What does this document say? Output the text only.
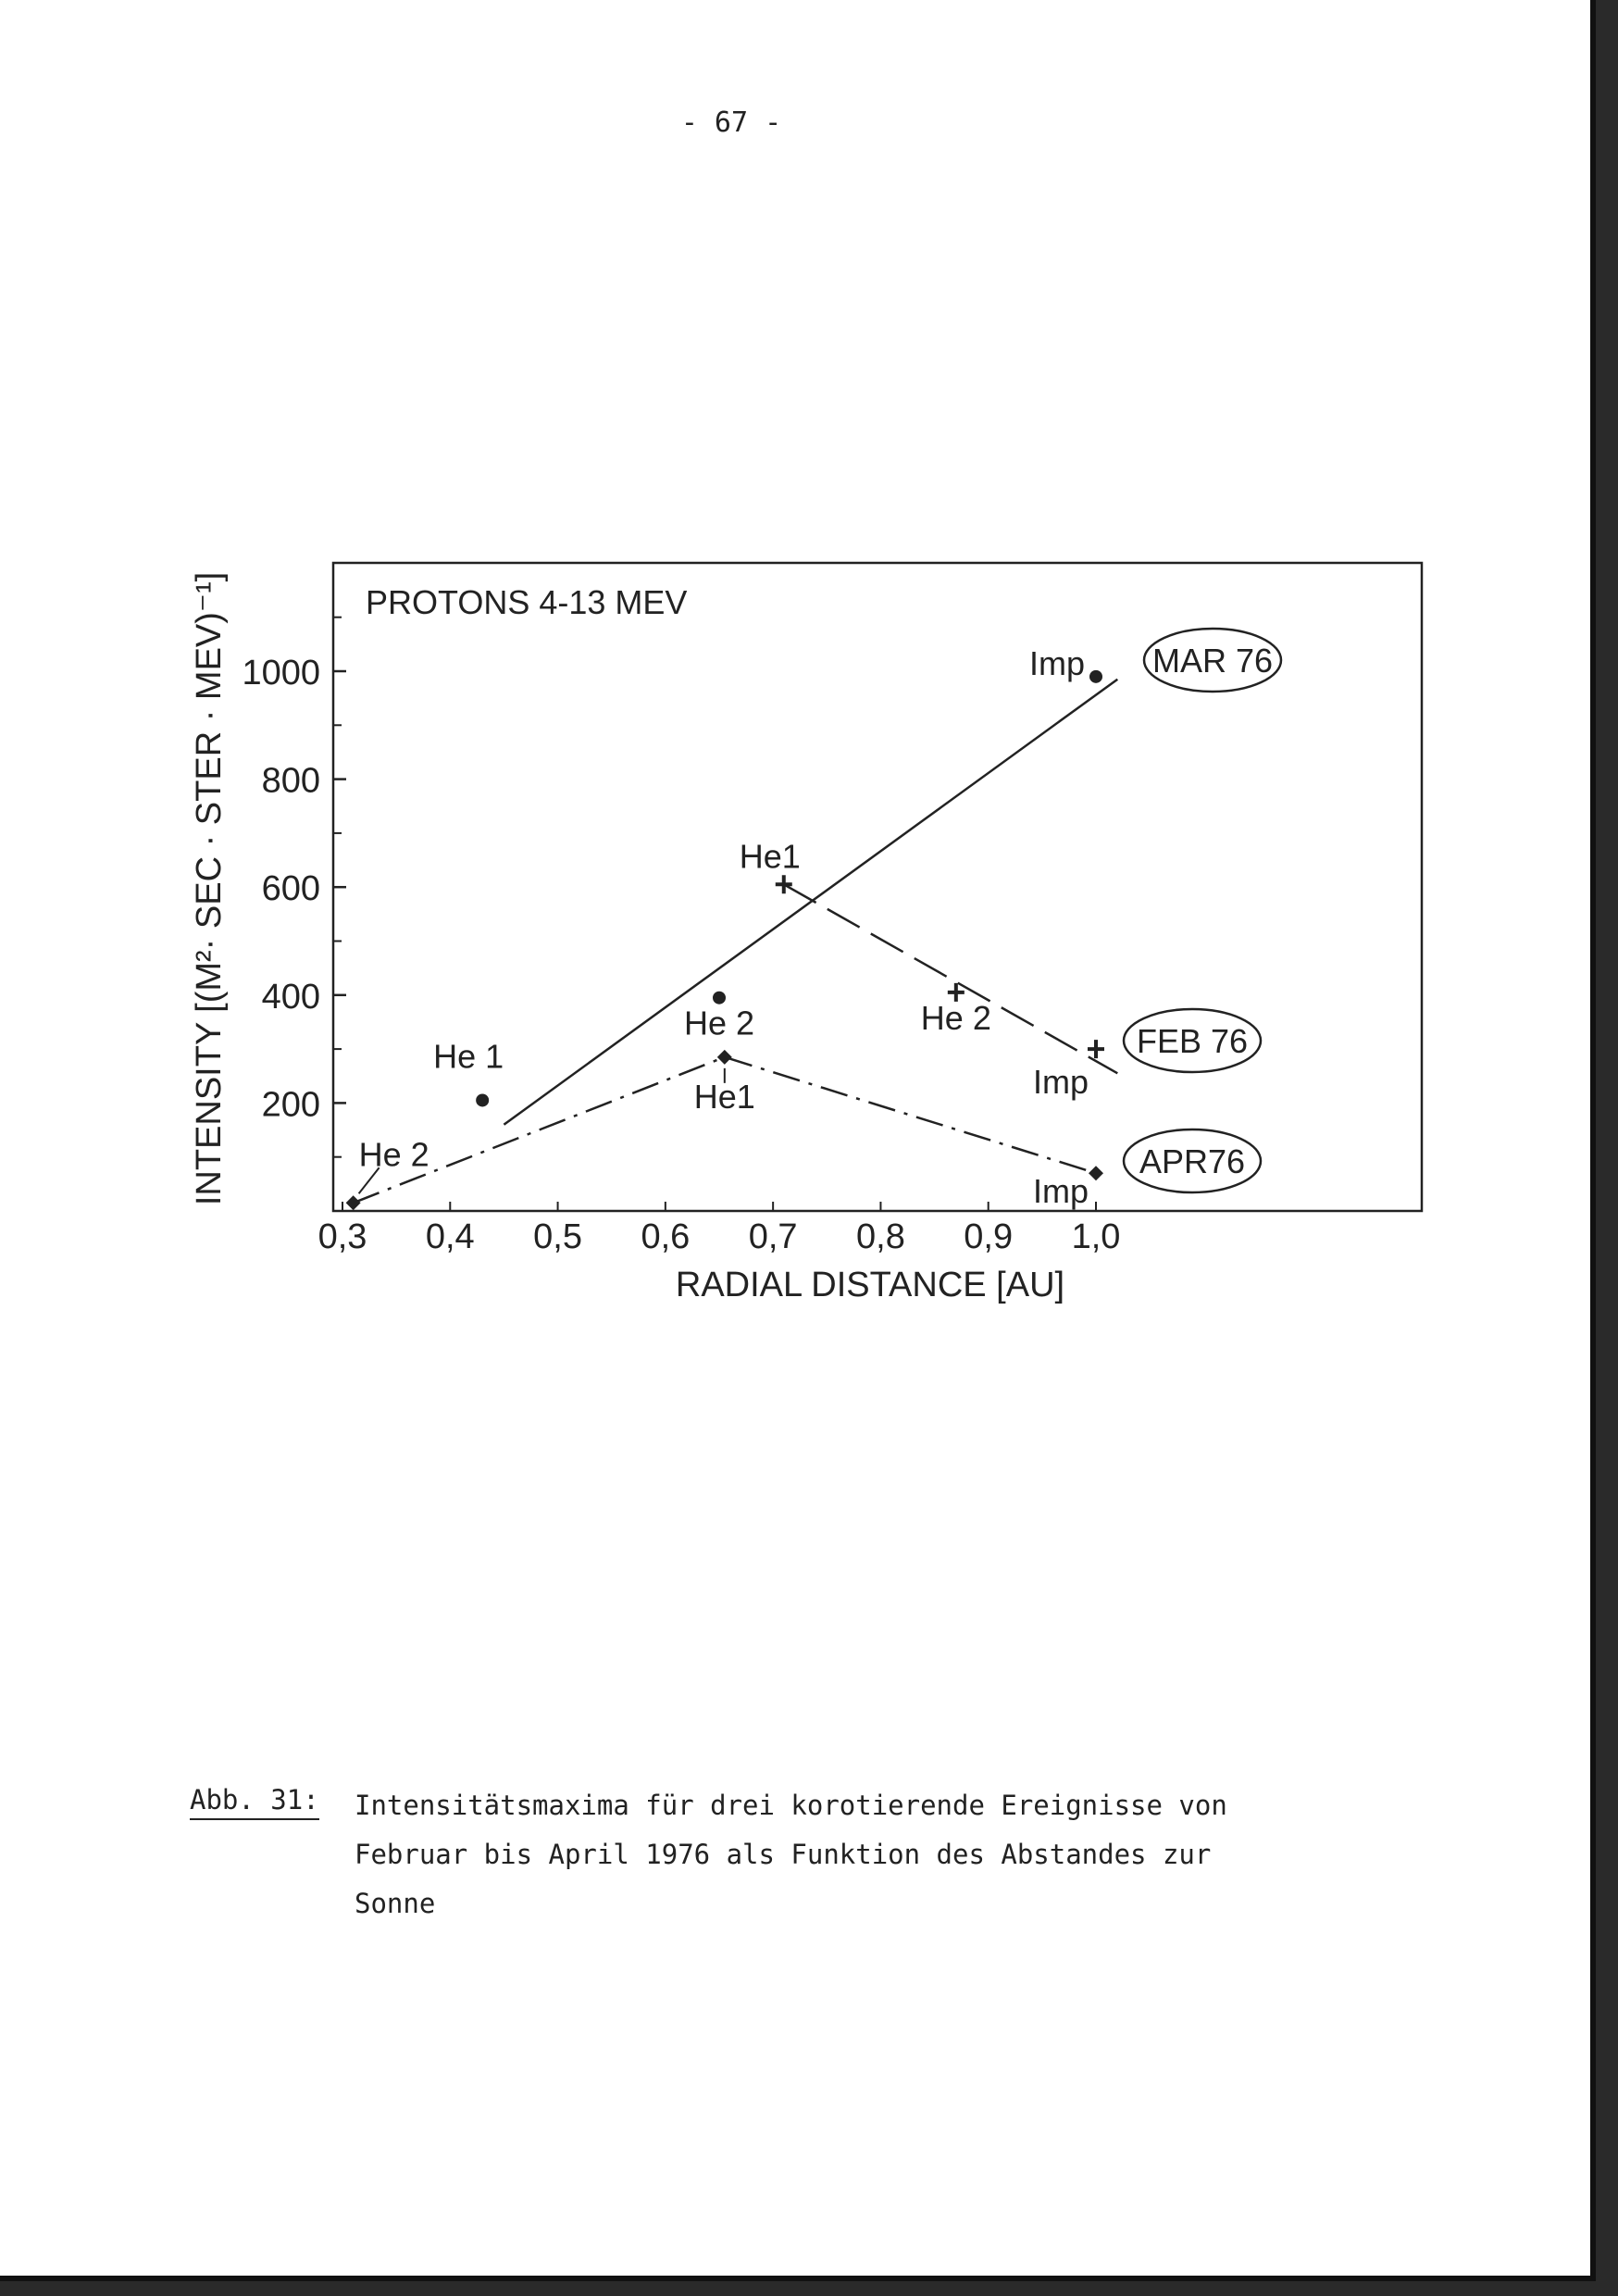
- 67 -
PROTONS 4-13 MEV
200
400
600
800
1000
0,3 0,4 0,5 0,6 0,7 0,8 0,9 1,0
RADIAL DISTANCE [AU]
INTENSITY [(M²· SEC · STER · MEV)⁻¹]	He 1
He 2
Imp MAR 76
He1
He 2
Imp
FEB 76
He 2
He1
Imp
APR76
Abb. 31: Intensitätsmaxima für drei korotierende Ereignisse von
Februar bis April 1976 als Funktion des Abstandes zur
Sonne
